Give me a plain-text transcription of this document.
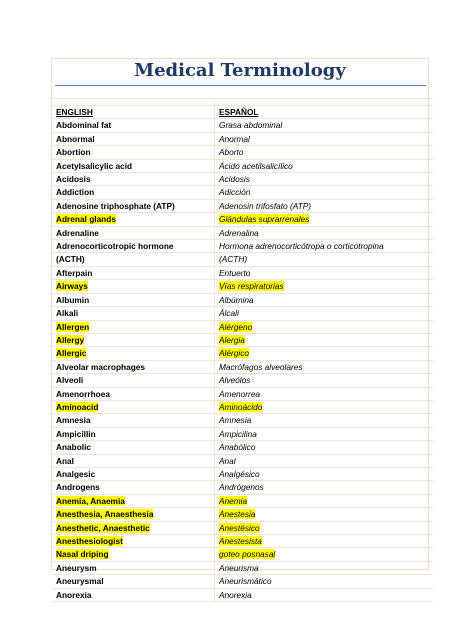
Medical Terminology

ENGLISH	ESPAÑOL
Abdominal fat	Grasa abdominal
Abnormal	Anormal
Abortion	Aborto
Acetylsalicylic acid	Ácido acetilsalicílico
Acidosis	Acidosis
Addiction	Adicción
Adenosine triphosphate (ATP)	Adenosin trifosfato (ATP)
Adrenal glands	Glándulas suprarrenales
Adrenaline	Adrenalina
Adrenocorticotropic hormone	Hormona adrenocorticótropa o corticotropina
(ACTH)	(ACTH)
Afterpain	Entuerto
Airways	Vías respiratorias
Albumin	Albúmina
Alkali	Álcali
Allergen	Alérgeno
Allergy	Alergia
Allergic	Alérgico
Alveolar macrophages	Macrófagos alveolares
Alveoli	Alveólos
Amenorrhoea	Amenorrea
Aminoacid	Aminoácido
Amnesia	Amnesia
Ampicillin	Ampicilina
Anabolic	Anabólico
Anal	Anal
Analgesic	Analgésico
Androgens	Andrógenos
Anemia, Anaemia	Anemia
Anesthesia, Anaesthesia	Anestesia
Anesthetic, Anaesthetic	Anestésico
Anesthesiologist	Anestesista
Nasal driping	goteo posnasal
Aneurysm	Aneurisma
Aneurysmal	Aneurismático
Anorexia	Anorexia
